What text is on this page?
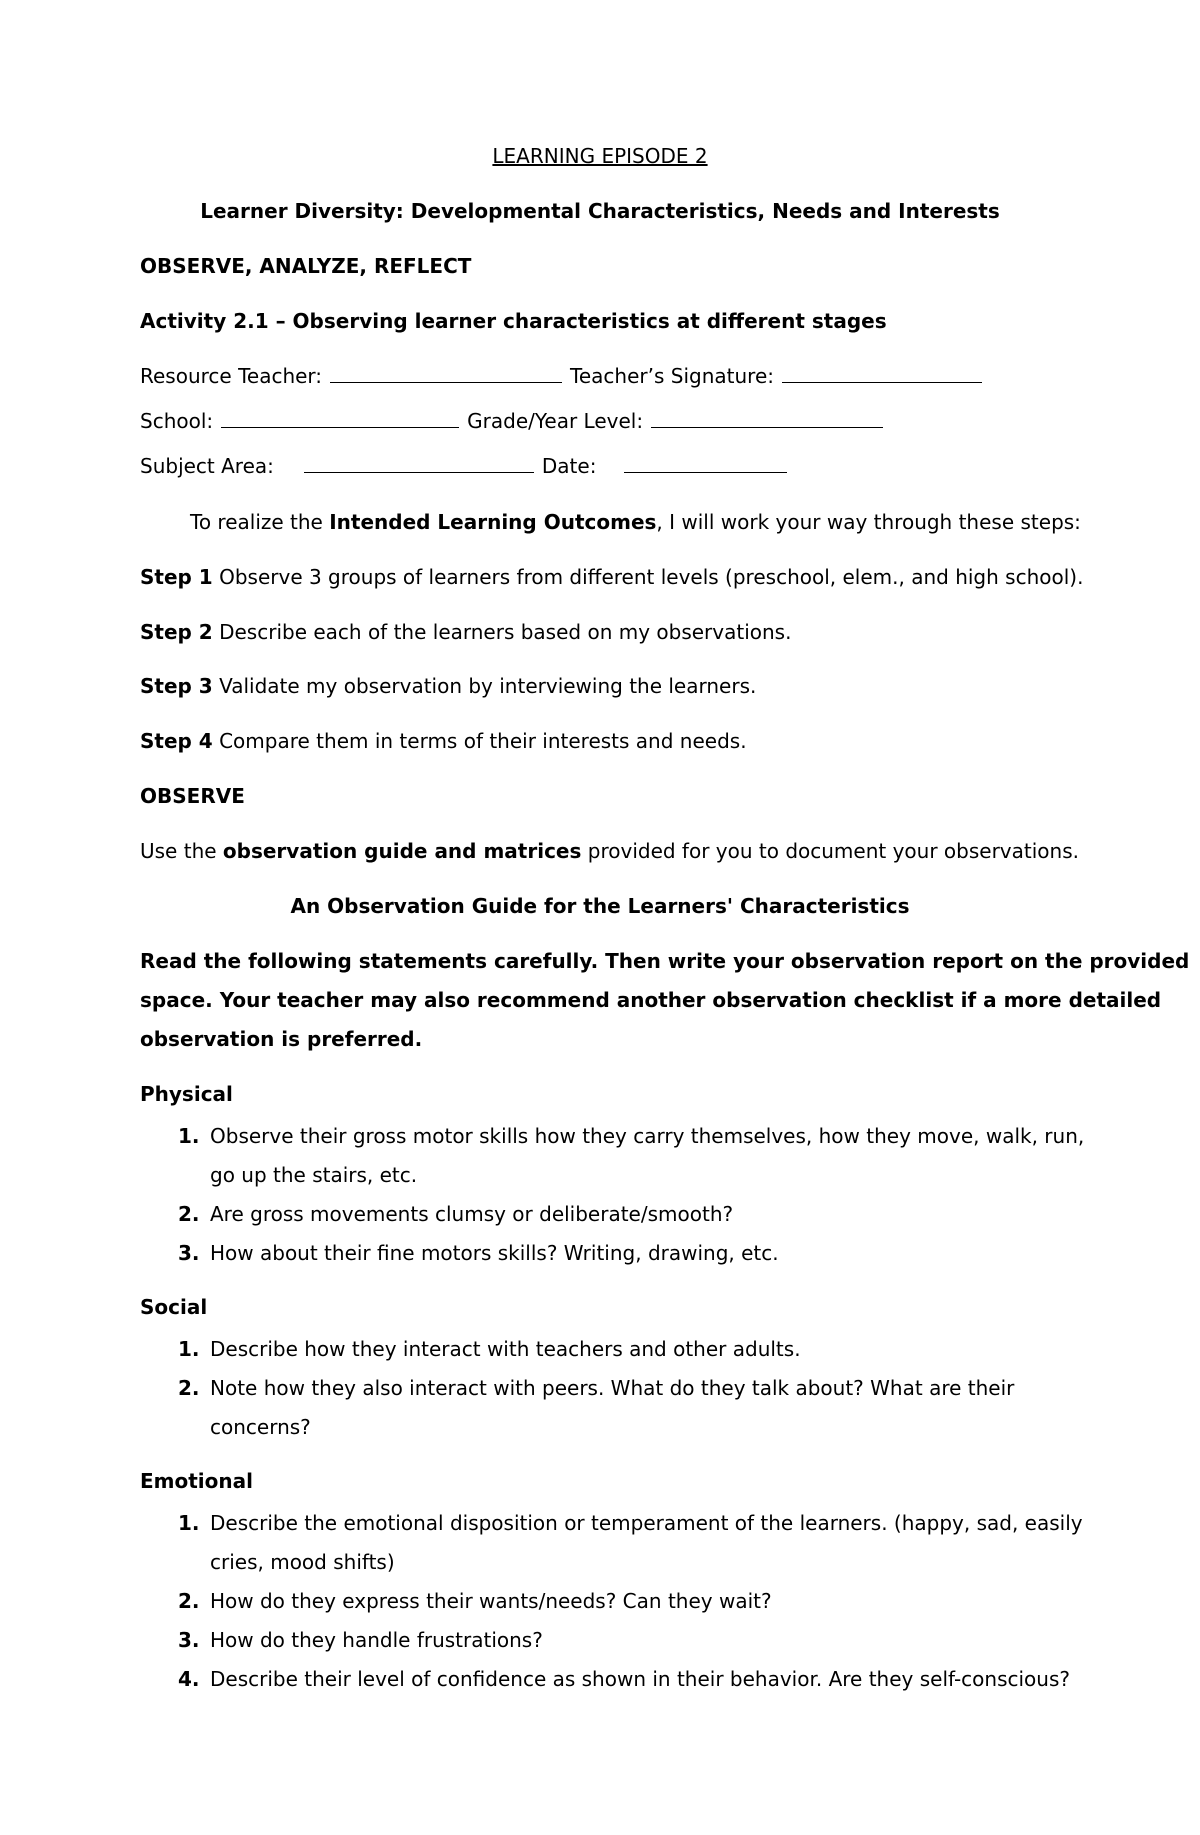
LEARNING EPISODE 2
Learner Diversity: Developmental Characteristics, Needs and Interests
OBSERVE, ANALYZE, REFLECT
Activity 2.1 – Observing learner characteristics at different stages
Resource Teacher:	Teacher’s Signature:
School:	Grade/Year Level:
Subject Area:	Date:
To realize the Intended Learning Outcomes, I will work your way through these steps:
Step 1 Observe 3 groups of learners from different levels (preschool, elem., and high school).
Step 2 Describe each of the learners based on my observations.
Step 3 Validate my observation by interviewing the learners.
Step 4 Compare them in terms of their interests and needs.
OBSERVE
Use the observation guide and matrices provided for you to document your observations.
An Observation Guide for the Learners' Characteristics
Read the following statements carefully. Then write your observation report on the provided
space. Your teacher may also recommend another observation checklist if a more detailed
observation is preferred.
Physical
1. Observe their gross motor skills how they carry themselves, how they move, walk, run,
go up the stairs, etc.
2. Are gross movements clumsy or deliberate/smooth?
3. How about their fine motors skills? Writing, drawing, etc.
Social
1. Describe how they interact with teachers and other adults.
2. Note how they also interact with peers. What do they talk about? What are their
concerns?
Emotional
1. Describe the emotional disposition or temperament of the learners. (happy, sad, easily
cries, mood shifts)
2. How do they express their wants/needs? Can they wait?
3. How do they handle frustrations?
4. Describe their level of confidence as shown in their behavior. Are they self-conscious?
